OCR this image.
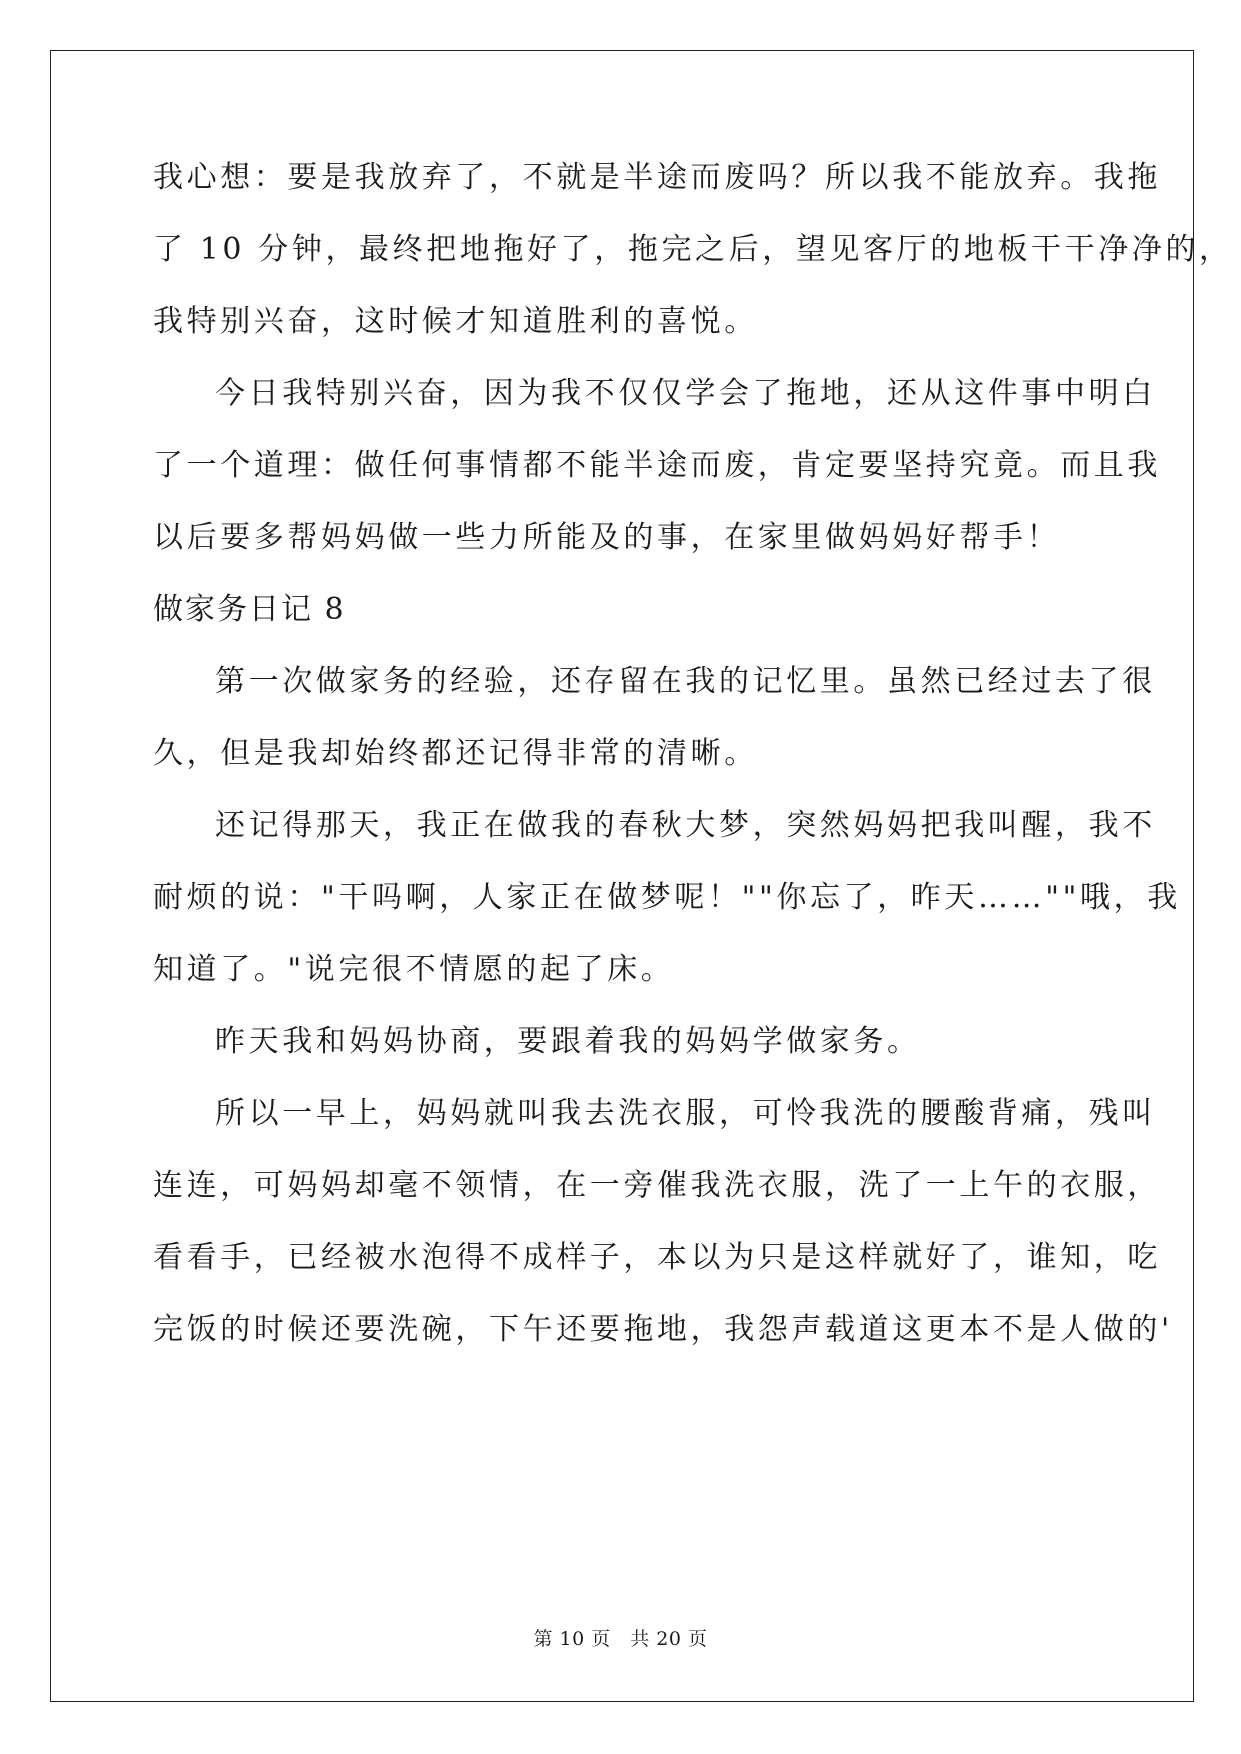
我心想：要是我放弃了，不就是半途而废吗？所以我不能放弃。我拖
了 10 分钟，最终把地拖好了，拖完之后，望见客厅的地板干干净净的，
我特别兴奋，这时候才知道胜利的喜悦。
今日我特别兴奋，因为我不仅仅学会了拖地，还从这件事中明白
了一个道理：做任何事情都不能半途而废，肯定要坚持究竟。而且我
以后要多帮妈妈做一些力所能及的事，在家里做妈妈好帮手！
做家务日记 8
第一次做家务的经验，还存留在我的记忆里。虽然已经过去了很
久，但是我却始终都还记得非常的清晰。
还记得那天，我正在做我的春秋大梦，突然妈妈把我叫醒，我不
耐烦的说："干吗啊，人家正在做梦呢！""你忘了，昨天……""哦，我
知道了。"说完很不情愿的起了床。
昨天我和妈妈协商，要跟着我的妈妈学做家务。
所以一早上，妈妈就叫我去洗衣服，可怜我洗的腰酸背痛，残叫
连连，可妈妈却毫不领情，在一旁催我洗衣服，洗了一上午的衣服，
看看手，已经被水泡得不成样子，本以为只是这样就好了，谁知，吃
完饭的时候还要洗碗，下午还要拖地，我怨声载道这更本不是人做的'
第 10 页　共 20 页
